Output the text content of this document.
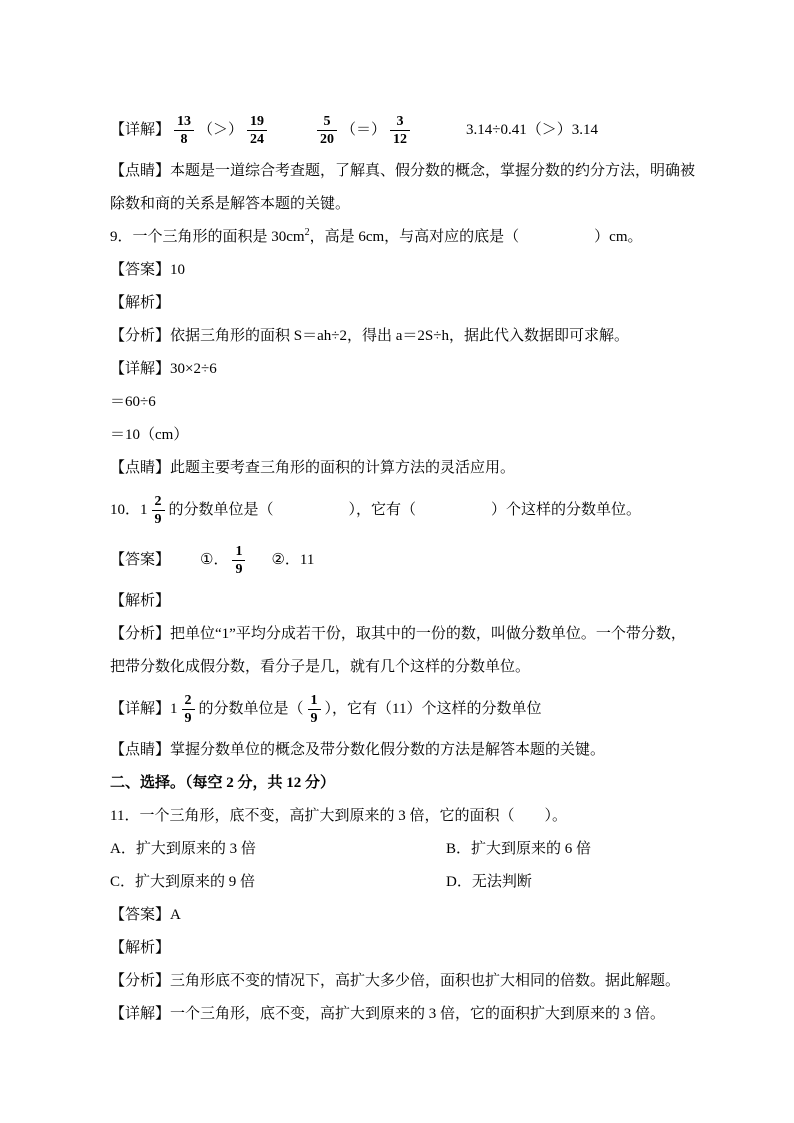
【详解】 $\frac{13}{8}$ （＞） $\frac{19}{24}$	$\frac{5}{20}$ （＝） $\frac{3}{12}$	3.14÷0.41（＞）3.14
【点睛】本题是一道综合考查题，了解真、假分数的概念，掌握分数的约分方法，明确被
除数和商的关系是解答本题的关键。
9．一个三角形的面积是 $30cm^2$，高是 6cm，与高对应的底是（　　　　　）cm。
【答案】10
【解析】
【分析】依据三角形的面积 S＝ah÷2，得出 a＝2S÷h，据此代入数据即可求解。
【详解】30×2÷6
＝60÷6
＝10（cm）
【点睛】此题主要考查三角形的面积的计算方法的灵活应用。
10．$1 \frac{2}{9}$ 的分数单位是（　　　　　），它有（　　　　　）个这样的分数单位。
【答案】 ①． $\frac{1}{9}$ ②．11
【解析】
【分析】把单位“1”平均分成若干份，取其中的一份的数，叫做分数单位。一个带分数，
把带分数化成假分数，看分子是几，就有几个这样的分数单位。
【详解】$1 \frac{2}{9}$ 的分数单位是（ $\frac{1}{9}$ ），它有（11）个这样的分数单位
【点睛】掌握分数单位的概念及带分数化假分数的方法是解答本题的关键。
二、选择。（每空 2 分，共 12 分）
11．一个三角形，底不变，高扩大到原来的 3 倍，它的面积（　　）。
A．扩大到原来的 3 倍	B．扩大到原来的 6 倍
C．扩大到原来的 9 倍	D．无法判断
【答案】A
【解析】
【分析】三角形底不变的情况下，高扩大多少倍，面积也扩大相同的倍数。据此解题。
【详解】一个三角形，底不变，高扩大到原来的 3 倍，它的面积扩大到原来的 3 倍。
